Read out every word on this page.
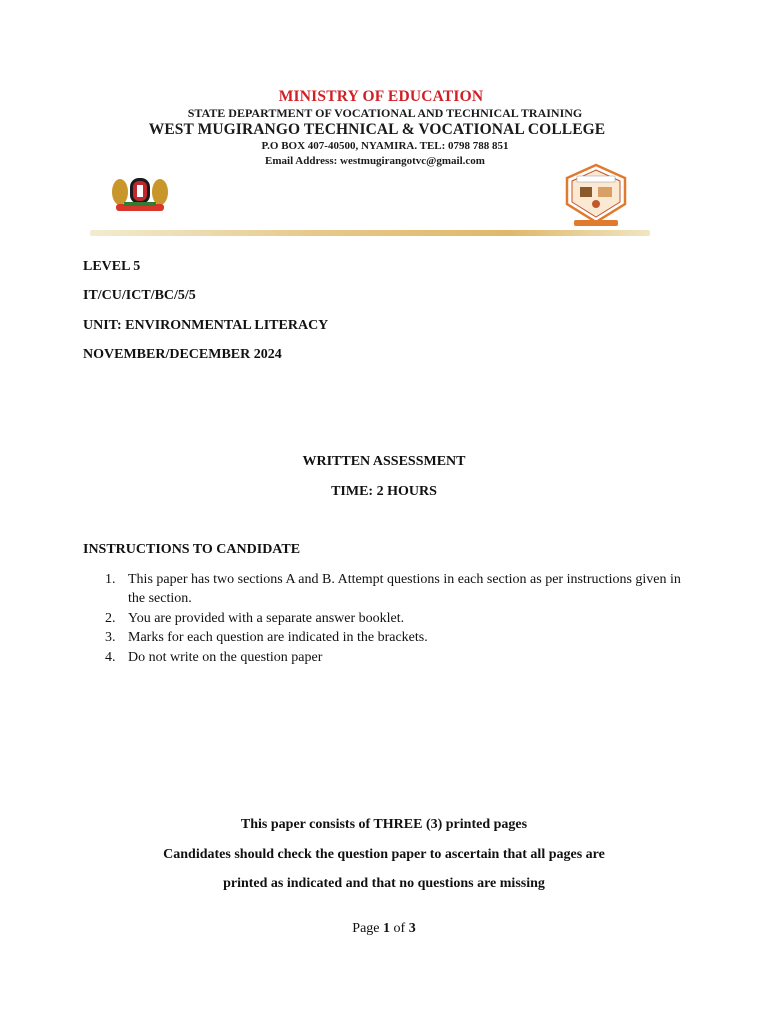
MINISTRY OF EDUCATION
STATE DEPARTMENT OF VOCATIONAL AND TECHNICAL TRAINING
WEST MUGIRANGO TECHNICAL & VOCATIONAL COLLEGE
P.O BOX 407-40500, NYAMIRA. TEL: 0798 788 851
Email Address: westmugirangotvc@gmail.com
LEVEL 5
IT/CU/ICT/BC/5/5
UNIT: ENVIRONMENTAL LITERACY
NOVEMBER/DECEMBER 2024
WRITTEN ASSESSMENT
TIME: 2 HOURS
INSTRUCTIONS TO CANDIDATE
1. This paper has two sections A and B. Attempt questions in each section as per instructions given in the section.
2. You are provided with a separate answer booklet.
3. Marks for each question are indicated in the brackets.
4. Do not write on the question paper
This paper consists of THREE (3) printed pages
Candidates should check the question paper to ascertain that all pages are
printed as indicated and that no questions are missing
Page 1 of 3
